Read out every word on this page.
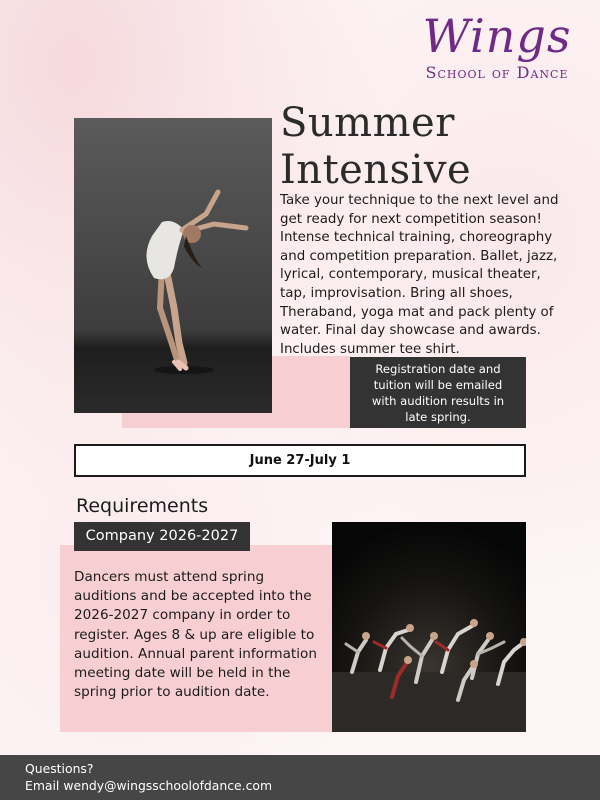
Wings
School of Dance
Summer
Intensive
Take your technique to the next level and get ready for next competition season! Intense technical training, choreography and competition preparation. Ballet, jazz, lyrical, contemporary, musical theater, tap, improvisation. Bring all shoes, Theraband, yoga mat and pack plenty of water. Final day showcase and awards. Includes summer tee shirt.
Registration date and tuition will be emailed with audition results in late spring.
June 27-July 1
Requirements
Company 2026-2027
Dancers must attend spring auditions and be accepted into the 2026-2027 company in order to register. Ages 8 & up are eligible to audition. Annual parent information meeting date will be held in the spring prior to audition date.
Questions?
Email wendy@wingsschoolofdance.com
